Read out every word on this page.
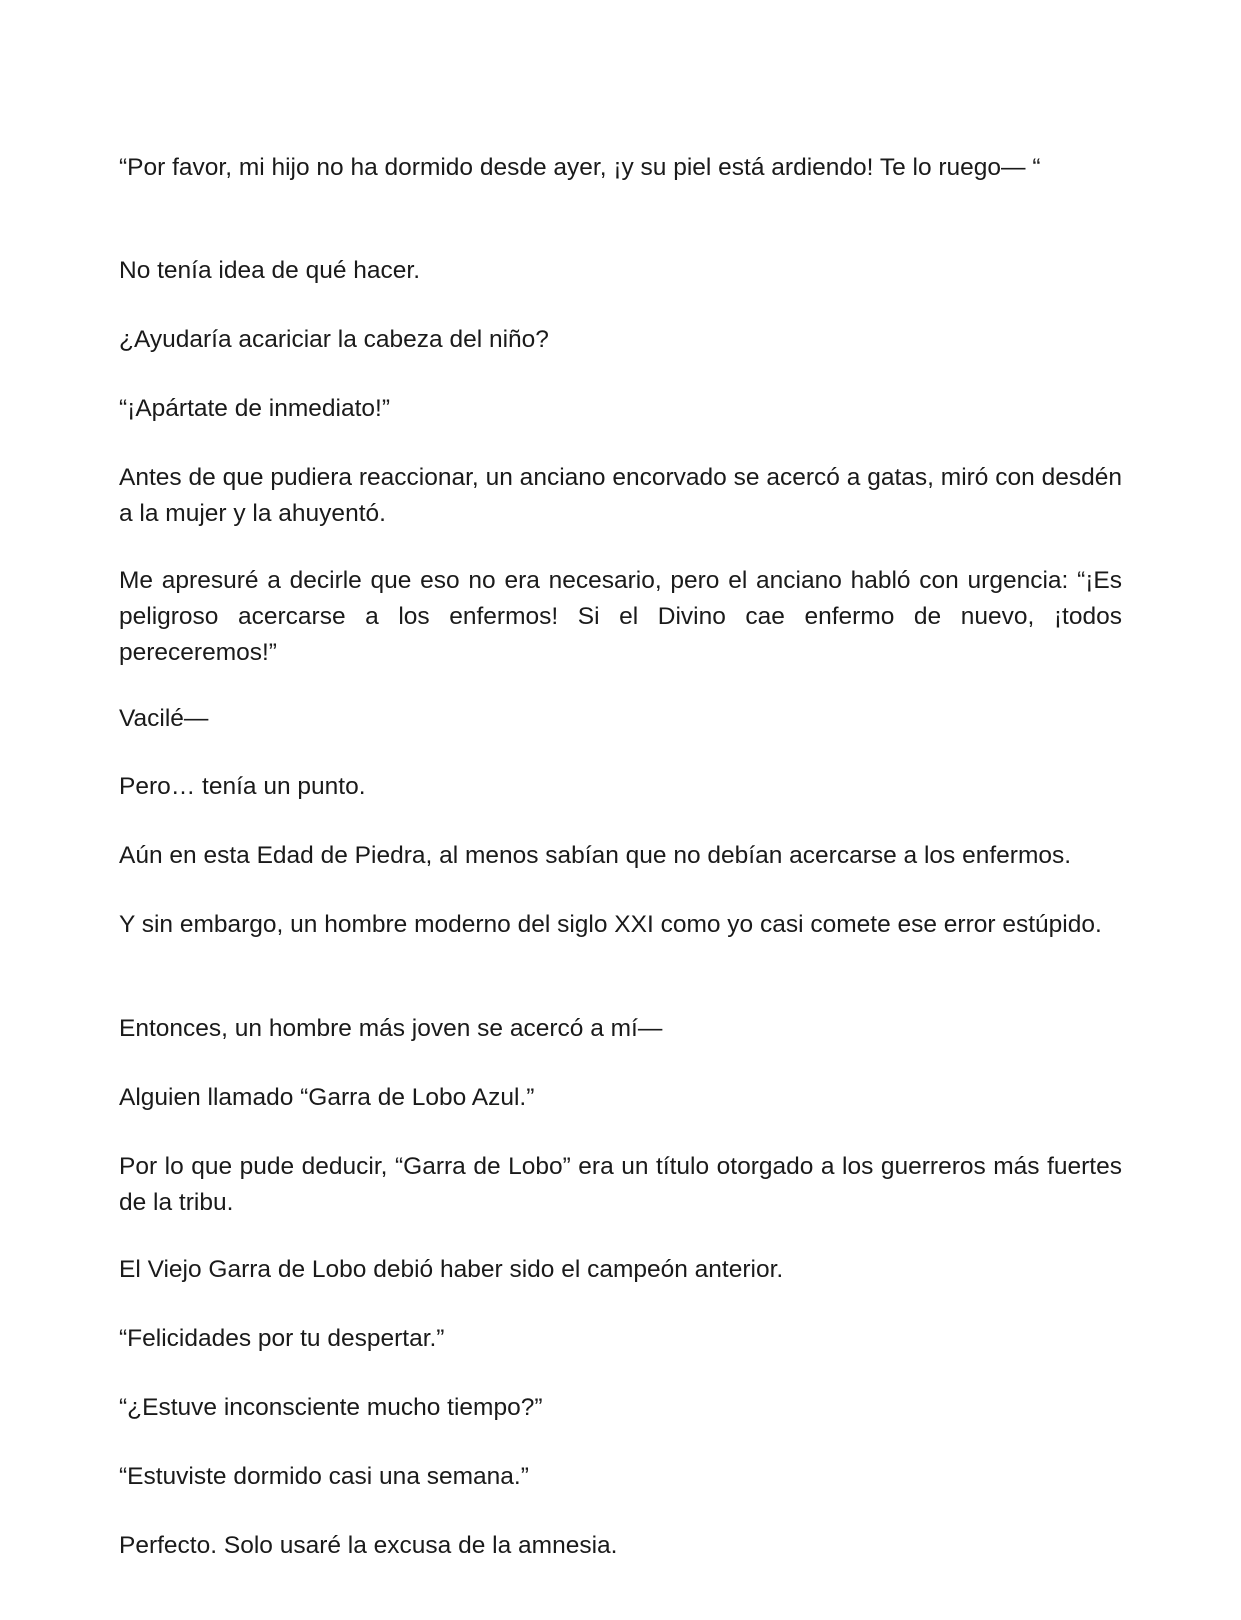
“Por favor, mi hijo no ha dormido desde ayer, ¡y su piel está ardiendo! Te lo ruego— “

No tenía idea de qué hacer.

¿Ayudaría acariciar la cabeza del niño?

“¡Apártate de inmediato!”

Antes de que pudiera reaccionar, un anciano encorvado se acercó a gatas, miró con desdén a la mujer y la ahuyentó.

Me apresuré a decirle que eso no era necesario, pero el anciano habló con urgencia: “¡Es peligroso acercarse a los enfermos! Si el Divino cae enfermo de nuevo, ¡todos pereceremos!”

Vacilé—

Pero… tenía un punto.

Aún en esta Edad de Piedra, al menos sabían que no debían acercarse a los enfermos.

Y sin embargo, un hombre moderno del siglo XXI como yo casi comete ese error estúpido.

Entonces, un hombre más joven se acercó a mí—

Alguien llamado “Garra de Lobo Azul.”

Por lo que pude deducir, “Garra de Lobo” era un título otorgado a los guerreros más fuertes de la tribu.

El Viejo Garra de Lobo debió haber sido el campeón anterior.

“Felicidades por tu despertar.”

“¿Estuve inconsciente mucho tiempo?”

“Estuviste dormido casi una semana.”

Perfecto. Solo usaré la excusa de la amnesia.
